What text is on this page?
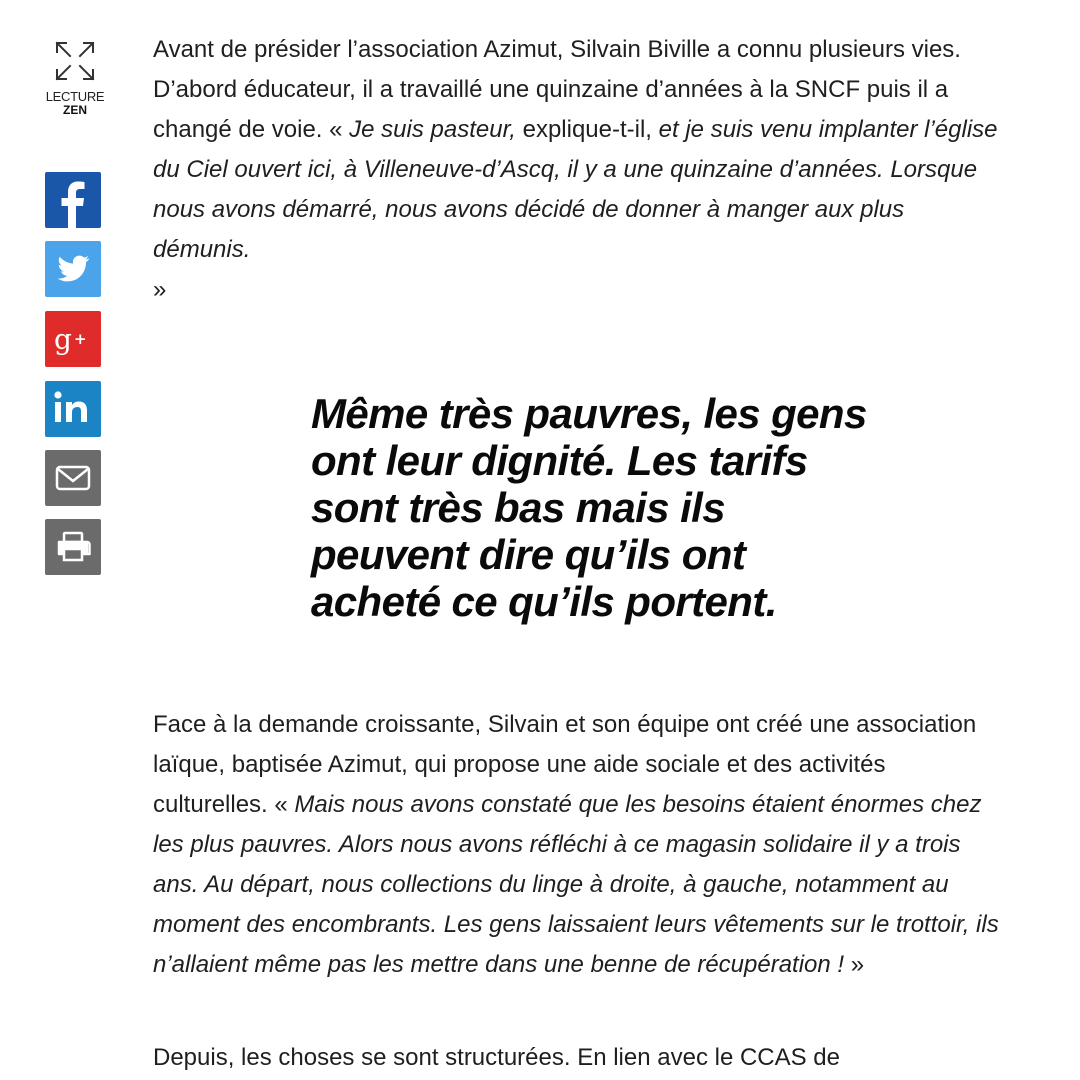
LECTURE
ZEN
g +

Avant de présider l’association Azimut, Silvain Biville a connu plusieurs vies. D’abord éducateur, il a travaillé une quinzaine d’années à la SNCF puis il a changé de voie. « Je suis pasteur, explique-t-il, et je suis venu implanter l’église du Ciel ouvert ici, à Villeneuve-d’Ascq, il y a une quinzaine d’années. Lorsque nous avons démarré, nous avons décidé de donner à manger aux plus démunis.
»

Même très pauvres, les gens ont leur dignité. Les tarifs sont très bas mais ils peuvent dire qu’ils ont acheté ce qu’ils portent.

Face à la demande croissante, Silvain et son équipe ont créé une association laïque, baptisée Azimut, qui propose une aide sociale et des activités culturelles. « Mais nous avons constaté que les besoins étaient énormes chez les plus pauvres. Alors nous avons réfléchi à ce magasin solidaire il y a trois ans. Au départ, nous collections du linge à droite, à gauche, notamment au moment des encombrants. Les gens laissaient leurs vêtements sur le trottoir, ils n’allaient même pas les mettre dans une benne de récupération ! »

Depuis, les choses se sont structurées. En lien avec le CCAS de
